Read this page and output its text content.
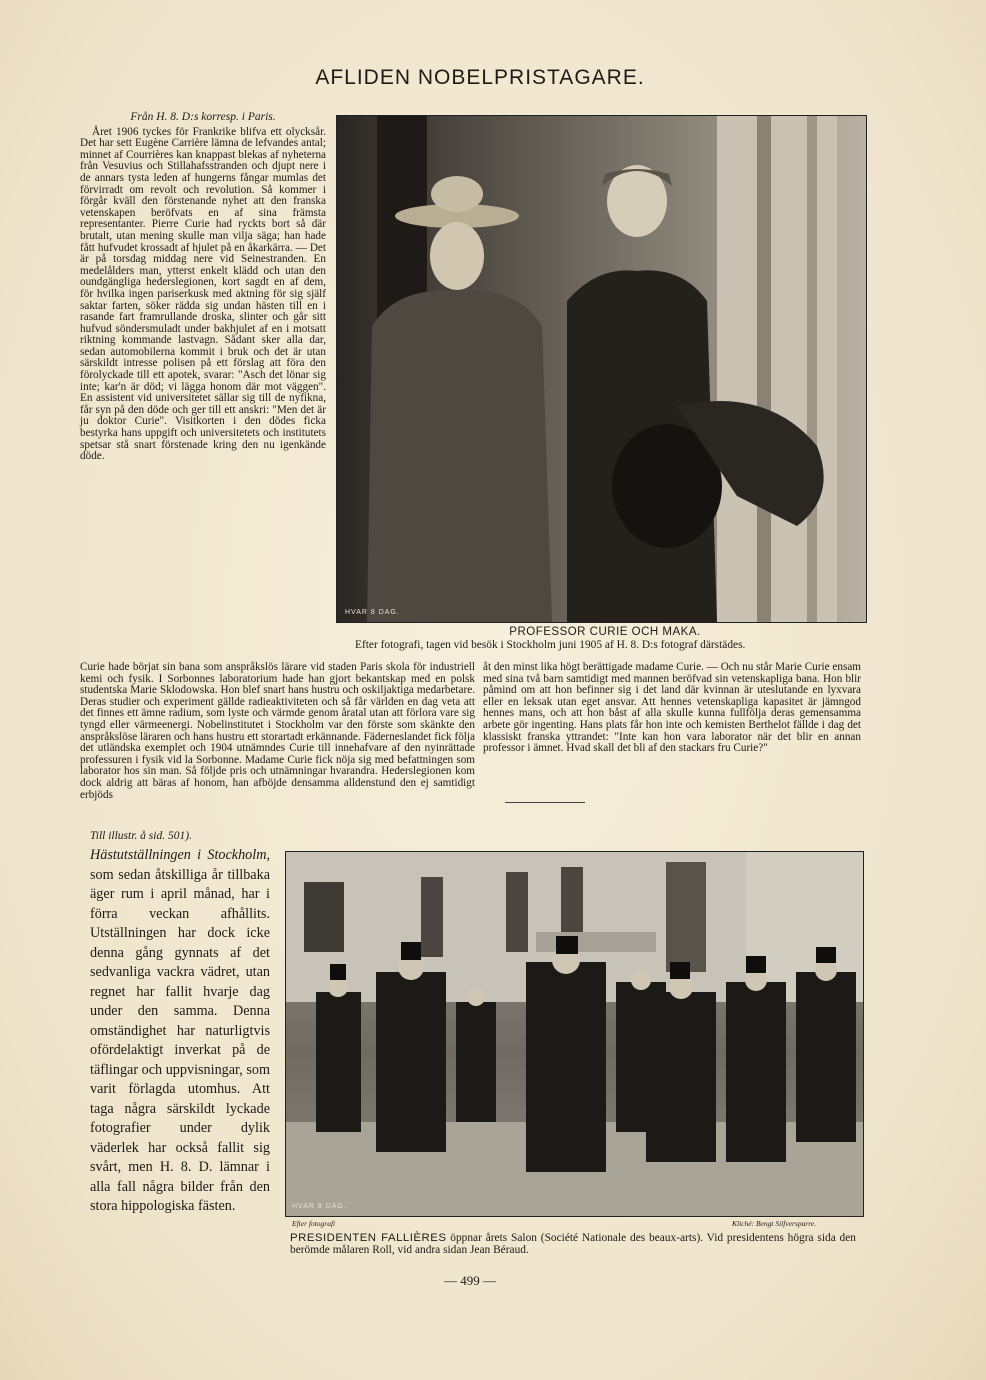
AFLIDEN NOBELPRISTAGARE.

Från H. 8. D:s korresp. i Paris.

Året 1906 tyckes för Frankrike blifva ett olycksår. Det har sett Eugène Carrière lämna de lefvandes antal; minnet af Courrières kan knappast blekas af nyheterna från Vesuvius och Stillahafsstranden och djupt nere i de annars tysta leden af hungerns fångar mumlas det förvirradt om revolt och revolution. Så kommer i förgår kväll den förstenande nyhet att den franska vetenskapen beröfvats en af sina främsta representanter. Pierre Curie had ryckts bort så där brutalt, utan mening skulle man vilja säga; han hade fått hufvudet krossadt af hjulet på en åkarkärra. — Det är på torsdag middag nere vid Seinestranden. En medelålders man, ytterst enkelt klädd och utan den oundgängliga hederslegionen, kort sagdt en af dem, för hvilka ingen pariserkusk med aktning för sig själf saktar farten, söker rädda sig undan hästen till en i rasande fart framrullande droska, slinter och går sitt hufvud söndersmuladt under bakhjulet af en i motsatt riktning kommande lastvagn. Sådant sker alla dar, sedan automobilerna kommit i bruk och det är utan särskildt intresse polisen på ett förslag att föra den förolyckade till ett apotek, svarar: "Asch det lönar sig inte; kar'n är död; vi lägga honom där mot väggen". En assistent vid universitetet sällar sig till de nyfikna, får syn på den döde och ger till ett anskri: "Men det är ju doktor Curie". Visitkorten i den dödes ficka bestyrka hans uppgift och universitetets och institutets spetsar stå snart förstenade kring den nu igenkände döde.

HVAR 8 DAG.
PROFESSOR CURIE OCH MAKA.
Efter fotografi, tagen vid besök i Stockholm juni 1905 af H. 8. D:s fotograf därstädes.

Curie hade börjat sin bana som anspråkslös lärare vid staden Paris skola för industriell kemi och fysik. I Sorbonnes laboratorium hade han gjort bekantskap med en polsk studentska Marie Sklodowska. Hon blef snart hans hustru och oskiljaktiga medarbetare. Deras studier och experiment gällde radieaktiviteten och så får världen en dag veta att det finnes ett ämne radium, som lyste och värmde genom åratal utan att förlora vare sig tyngd eller värmeenergi. Nobelinstitutet i Stockholm var den förste som skänkte den anspråkslöse läraren och hans hustru ett storartadt erkännande. Fäderneslandet fick följa det utländska exemplet och 1904 utnämndes Curie till innehafvare af den nyinrättade professuren i fysik vid la Sorbonne. Madame Curie fick nöja sig med befattningen som laborator hos sin man. Så följde pris och utnämningar hvarandra. Hederslegionen kom dock aldrig att bäras af honom, han afböjde densamma alldenstund den ej samtidigt erbjöds

åt den minst lika högt berättigade madame Curie. — Och nu står Marie Curie ensam med sina två barn samtidigt med mannen beröfvad sin vetenskapliga bana. Hon blir påmind om att hon befinner sig i det land där kvinnan är uteslutande en lyxvara eller en leksak utan eget ansvar. Att hennes vetenskapliga kapasitet är jämngod hennes mans, och att hon båst af alla skulle kunna fullfölja deras gemensamma arbete gör ingenting. Hans plats får hon inte och kemisten Berthelot fällde i dag det klassiskt franska yttrandet: "Inte kan hon vara laborator när det blir en annan professor i ämnet. Hvad skall det bli af den stackars fru Curie?"

Till illustr. å sid. 501).
Hästutställningen i Stockholm, som sedan åtskilliga år tillbaka äger rum i april månad, har i förra veckan afhållits. Utställningen har dock icke denna gång gynnats af det sedvanliga vackra vädret, utan regnet har fallit hvarje dag under den samma. Denna omständighet har naturligtvis ofördelaktigt inverkat på de täflingar och uppvisningar, som varit förlagda utomhus. Att taga några särskildt lyckade fotografier under dylik väderlek har också fallit sig svårt, men H. 8. D. lämnar i alla fall några bilder från den stora hippologiska fästen.	HVAR 8 DAG.
Efter fotografi	Kliché: Bengt Silfversparre.
PRESIDENTEN FALLIÈRES öppnar årets Salon (Société Nationale des beaux-arts). Vid presidentens högra sida den berömde målaren Roll, vid andra sidan Jean Béraud.
— 499 —
